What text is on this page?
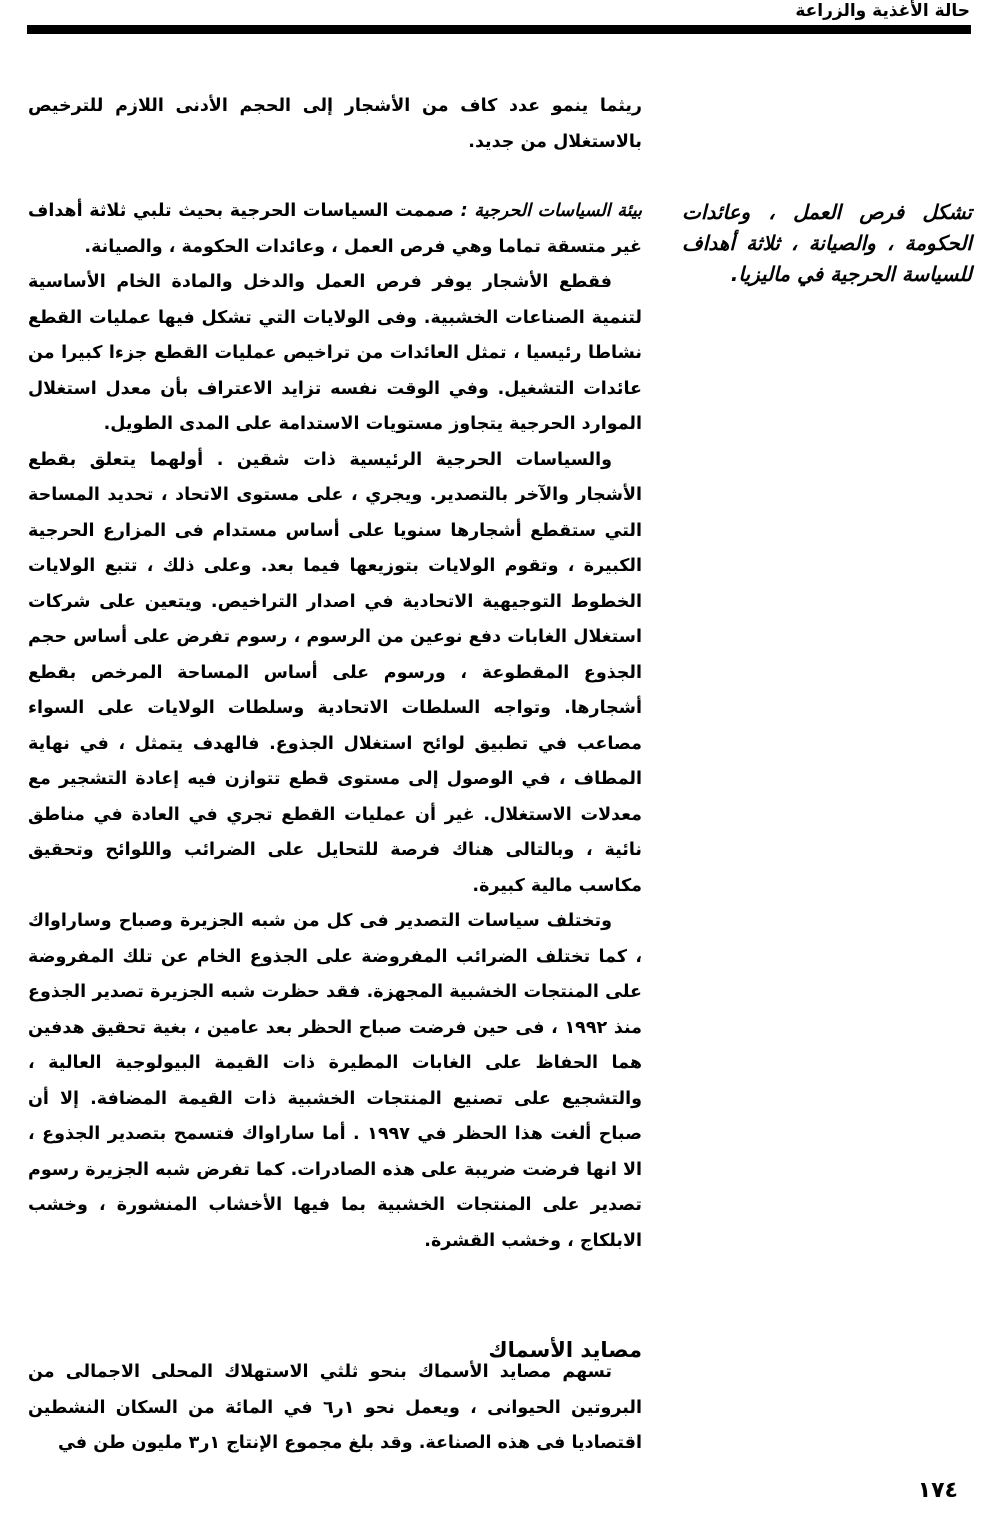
حالة الأغذية والزراعة

ريثما ينمو عدد كاف من الأشجار إلى الحجم الأدنى اللازم للترخيص بالاستغلال من جديد.

تشكل فرص العمل ، وعائدات الحكومة ، والصيانة ، ثلاثة أهداف للسياسة الحرجية في ماليزيا.

بيئة السياسات الحرجية : صممت السياسات الحرجية بحيث تلبي ثلاثة أهداف غير متسقة تماما وهي فرص العمل ، وعائدات الحكومة ، والصيانة.

فقطع الأشجار يوفر فرص العمل والدخل والمادة الخام الأساسية لتنمية الصناعات الخشبية. وفى الولايات التي تشكل فيها عمليات القطع نشاطا رئيسيا ، تمثل العائدات من تراخيص عمليات القطع جزءا كبيرا من عائدات التشغيل. وفي الوقت نفسه تزايد الاعتراف بأن معدل استغلال الموارد الحرجية يتجاوز مستويات الاستدامة على المدى الطويل.

والسياسات الحرجية الرئيسية ذات شقين . أولهما يتعلق بقطع الأشجار والآخر بالتصدير. ويجري ، على مستوى الاتحاد ، تحديد المساحة التي ستقطع أشجارها سنويا على أساس مستدام فى المزارع الحرجية الكبيرة ، وتقوم الولايات بتوزيعها فيما بعد. وعلى ذلك ، تتبع الولايات الخطوط التوجيهية الاتحادية في اصدار التراخيص. ويتعين على شركات استغلال الغابات دفع نوعين من الرسوم ، رسوم تفرض على أساس حجم الجذوع المقطوعة ، ورسوم على أساس المساحة المرخص بقطع أشجارها. وتواجه السلطات الاتحادية وسلطات الولايات على السواء مصاعب في تطبيق لوائح استغلال الجذوع. فالهدف يتمثل ، في نهاية المطاف ، في الوصول إلى مستوى قطع تتوازن فيه إعادة التشجير مع معدلات الاستغلال. غير أن عمليات القطع تجري في العادة في مناطق نائية ، وبالتالى هناك فرصة للتحايل على الضرائب واللوائح وتحقيق مكاسب مالية كبيرة.

وتختلف سياسات التصدير فى كل من شبه الجزيرة وصباح وساراواك ، كما تختلف الضرائب المفروضة على الجذوع الخام عن تلك المفروضة على المنتجات الخشبية المجهزة. فقد حظرت شبه الجزيرة تصدير الجذوع منذ ١٩٩٢ ، فى حين فرضت صباح الحظر بعد عامين ، بغية تحقيق هدفين هما الحفاظ على الغابات المطيرة ذات القيمة البيولوجية العالية ، والتشجيع على تصنيع المنتجات الخشبية ذات القيمة المضافة. إلا أن صباح ألغت هذا الحظر في ١٩٩٧ . أما ساراواك فتسمح بتصدير الجذوع ، الا انها فرضت ضريبة على هذه الصادرات. كما تفرض شبه الجزيرة رسوم تصدير على المنتجات الخشبية بما فيها الأخشاب المنشورة ، وخشب الابلكاج ، وخشب القشرة.

مصايد الأسماك

تسهم مصايد الأسماك بنحو ثلثي الاستهلاك المحلى الاجمالى من البروتين الحيوانى ، ويعمل نحو ١ر٦ في المائة من السكان النشطين اقتصاديا فى هذه الصناعة. وقد بلغ مجموع الإنتاج ١ر٣ مليون طن في

١٧٤
